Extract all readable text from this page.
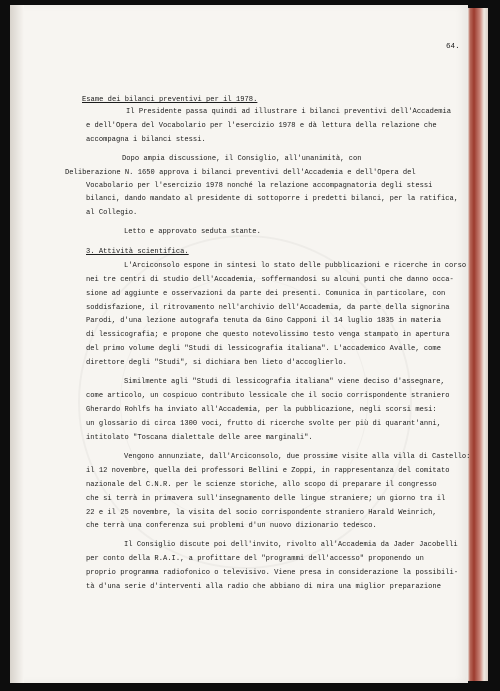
64.
Esame dei bilanci preventivi per il 1978.
Il Presidente passa quindi ad illustrare i bilanci preventivi dell'Accademia
e dell'Opera del Vocabolario per l'esercizio 1978 e dà lettura della relazione che
accompagna i bilanci stessi.
Dopo ampia discussione, il Consiglio, all'unanimità, con
Deliberazione N. 1650 approva i bilanci preventivi dell'Accademia e dell'Opera del
Vocabolario per l'esercizio 1978 nonché la relazione accompagnatoria degli stessi
bilanci, dando mandato al presidente di sottoporre i predetti bilanci, per la ratifica,
al Collegio.
Letto e approvato seduta stante.
3. Attività scientifica.
L'Arciconsolo espone in sintesi lo stato delle pubblicazioni e ricerche in corso
nei tre centri di studio dell'Accademia, soffermandosi su alcuni punti che danno occa-
sione ad aggiunte e osservazioni da parte dei presenti. Comunica in particolare, con
soddisfazione, il ritrovamento nell'archivio dell'Accademia, da parte della signorina
Parodi, d'una lezione autografa tenuta da Gino Capponi il 14 luglio 1835 in materia
di lessicografia; e propone che questo notevolissimo testo venga stampato in apertura
del primo volume degli "Studi di lessicografia italiana". L'accademico Avalle, come
direttore degli "Studi", si dichiara ben lieto d'accoglierlo.
Similmente agli "Studi di lessicografia italiana" viene deciso d'assegnare,
come articolo, un cospicuo contributo lessicale che il socio corrispondente straniero
Gherardo Rohlfs ha inviato all'Accademia, per la pubblicazione, negli scorsi mesi:
un glossario di circa 1300 voci, frutto di ricerche svolte per più di quarant'anni,
intitolato "Toscana dialettale delle aree marginali".
Vengono annunziate, dall'Arciconsolo, due prossime visite alla villa di Castello:
il 12 novembre, quella dei professori Bellini e Zoppi, in rappresentanza del comitato
nazionale del C.N.R. per le scienze storiche, allo scopo di preparare il congresso
che si terrà in primavera sull'insegnamento delle lingue straniere; un giorno tra il
22 e il 25 novembre, la visita del socio corrispondente straniero Harald Weinrich,
che terrà una conferenza sui problemi d'un nuovo dizionario tedesco.
Il Consiglio discute poi dell'invito, rivolto all'Accademia da Jader Jacobelli
per conto della R.A.I., a profittare del "programmi dell'accesso" proponendo un
proprio programma radiofonico o televisivo. Viene presa in considerazione la possibili-
tà d'una serie d'interventi alla radio che abbiano di mira una miglior preparazione
